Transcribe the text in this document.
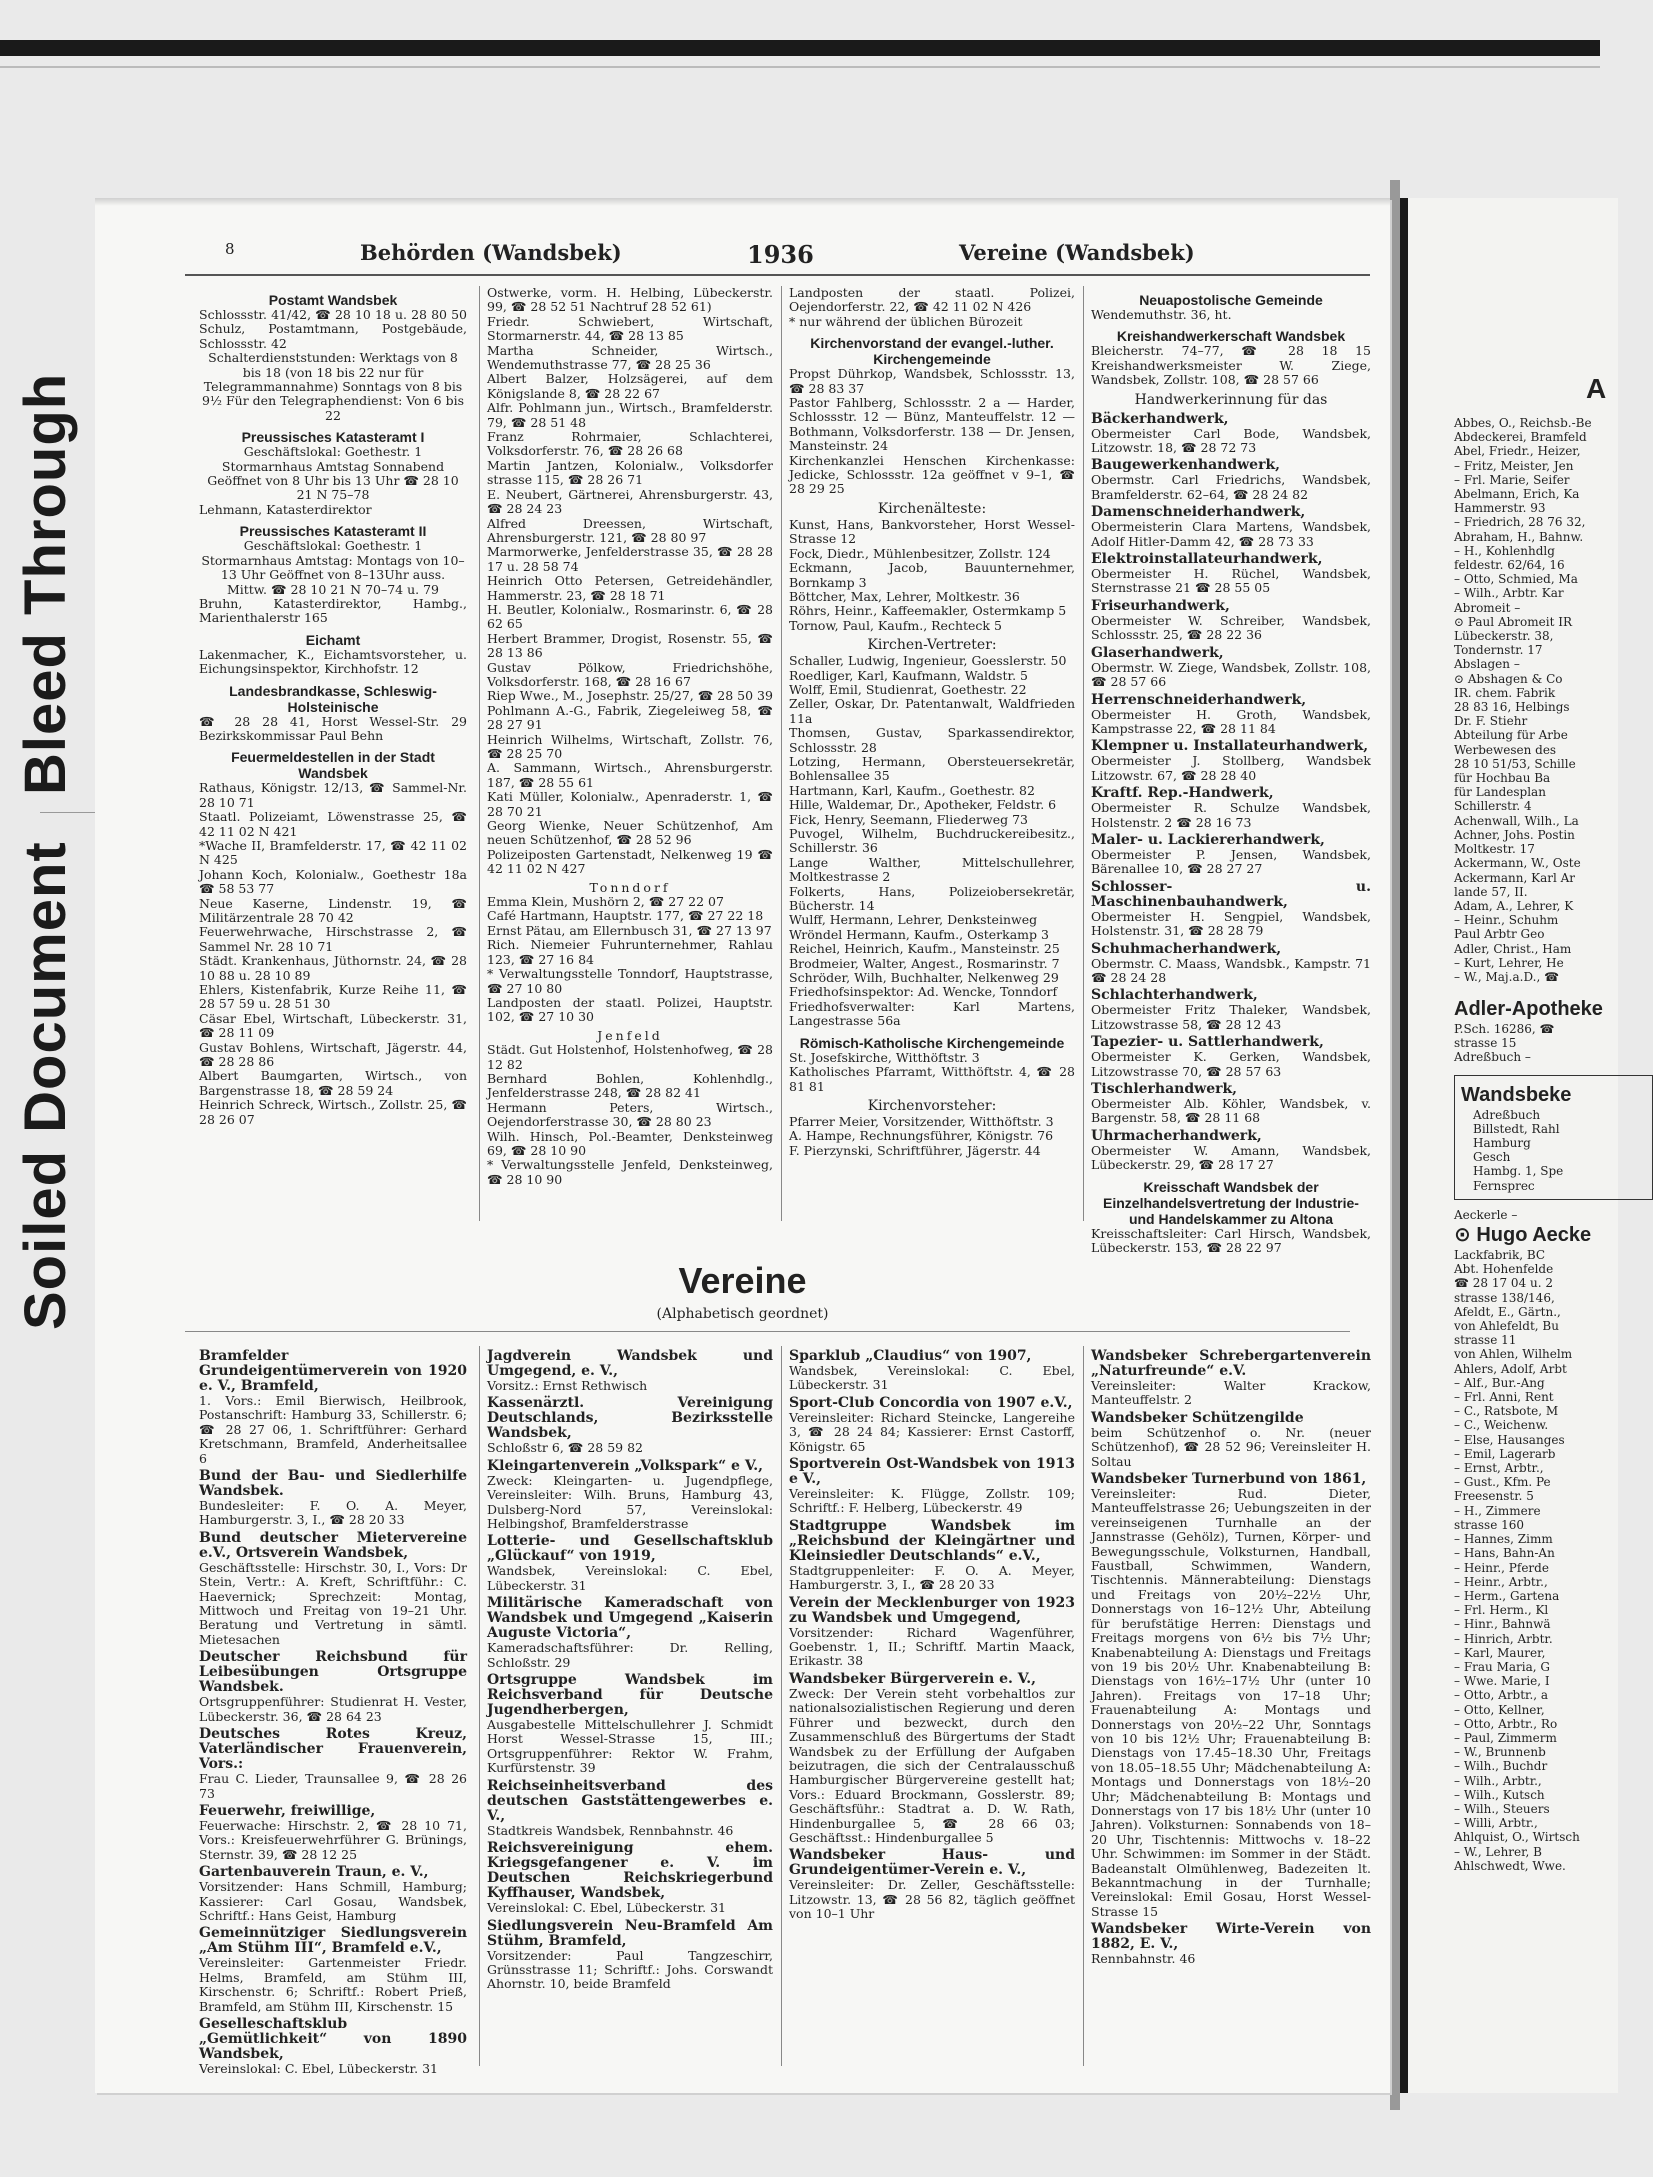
Bleed Through
Soiled Document
8	Behörden (Wandsbek)	1936	Vereine (Wandsbek)

Postamt Wandsbek

Schlossstr. 41/42, ☎ 28 10 18 u. 28 80 50 Schulz, Postamtmann, Postgebäude, Schlossstr. 42

Schalterdienststunden: Werktags von 8 bis 18 (von 18 bis 22 nur für Telegrammannahme) Sonntags von 8 bis 9½ Für den Telegraphendienst: Von 6 bis 22

Preussisches Katasteramt I

Geschäftslokal: Goethestr. 1 Stormarnhaus Amtstag Sonnabend Geöffnet von 8 Uhr bis 13 Uhr ☎ 28 10 21 N 75–78

Lehmann, Katasterdirektor

Preussisches Katasteramt II

Geschäftslokal: Goethestr. 1 Stormarnhaus Amtstag: Montags von 10–13 Uhr Geöffnet von 8–13Uhr auss. Mittw. ☎ 28 10 21 N 70–74 u. 79

Bruhn, Katasterdirektor, Hambg., Marienthalerstr 165

Eichamt

Lakenmacher, K., Eichamtsvorsteher, u. Eichungsinspektor, Kirchhofstr. 12

Landesbrandkasse, Schleswig-Holsteinische

☎ 28 28 41, Horst Wessel-Str. 29 Bezirkskommissar Paul Behn

Feuermeldestellen in der Stadt Wandsbek

Rathaus, Königstr. 12/13, ☎ Sammel-Nr. 28 10 71

Staatl. Polizeiamt, Löwenstrasse 25, ☎ 42 11 02 N 421

*Wache II, Bramfelderstr. 17, ☎ 42 11 02 N 425

Johann Koch, Kolonialw., Goethestr 18a ☎ 58 53 77

Neue Kaserne, Lindenstr. 19, ☎ Militärzentrale 28 70 42

Feuerwehrwache, Hirschstrasse 2, ☎ Sammel Nr. 28 10 71

Städt. Krankenhaus, Jüthornstr. 24, ☎ 28 10 88 u. 28 10 89

Ehlers, Kistenfabrik, Kurze Reihe 11, ☎ 28 57 59 u. 28 51 30

Cäsar Ebel, Wirtschaft, Lübeckerstr. 31, ☎ 28 11 09

Gustav Bohlens, Wirtschaft, Jägerstr. 44, ☎ 28 28 86

Albert Baumgarten, Wirtsch., von Bargenstrasse 18, ☎ 28 59 24

Heinrich Schreck, Wirtsch., Zollstr. 25, ☎ 28 26 07

Ostwerke, vorm. H. Helbing, Lübeckerstr. 99, ☎ 28 52 51 Nachtruf 28 52 61)

Friedr. Schwiebert, Wirtschaft, Stormarnerstr. 44, ☎ 28 13 85

Martha Schneider, Wirtsch., Wendemuthstrasse 77, ☎ 28 25 36

Albert Balzer, Holzsägerei, auf dem Königslande 8, ☎ 28 22 67

Alfr. Pohlmann jun., Wirtsch., Bramfelderstr. 79, ☎ 28 51 48

Franz Rohrmaier, Schlachterei, Volksdorferstr. 76, ☎ 28 26 68

Martin Jantzen, Kolonialw., Volksdorfer strasse 115, ☎ 28 26 71

E. Neubert, Gärtnerei, Ahrensburgerstr. 43, ☎ 28 24 23

Alfred Dreessen, Wirtschaft, Ahrensburgerstr. 121, ☎ 28 80 97

Marmorwerke, Jenfelderstrasse 35, ☎ 28 28 17 u. 28 58 74

Heinrich Otto Petersen, Getreidehändler, Hammerstr. 23, ☎ 28 18 71

H. Beutler, Kolonialw., Rosmarinstr. 6, ☎ 28 62 65

Herbert Brammer, Drogist, Rosenstr. 55, ☎ 28 13 86

Gustav Pölkow, Friedrichshöhe, Volksdorferstr. 168, ☎ 28 16 67

Riep Wwe., M., Josephstr. 25/27, ☎ 28 50 39

Pohlmann A.-G., Fabrik, Ziegeleiweg 58, ☎ 28 27 91

Heinrich Wilhelms, Wirtschaft, Zollstr. 76, ☎ 28 25 70

A. Sammann, Wirtsch., Ahrensburgerstr. 187, ☎ 28 55 61

Kati Müller, Kolonialw., Apenraderstr. 1, ☎ 28 70 21

Georg Wienke, Neuer Schützenhof, Am neuen Schützenhof, ☎ 28 52 96

Polizeiposten Gartenstadt, Nelkenweg 19 ☎ 42 11 02 N 427

Tonndorf

Emma Klein, Mushörn 2, ☎ 27 22 07

Café Hartmann, Hauptstr. 177, ☎ 27 22 18

Ernst Pätau, am Ellernbusch 31, ☎ 27 13 97

Rich. Niemeier Fuhrunternehmer, Rahlau 123, ☎ 27 16 84

* Verwaltungsstelle Tonndorf, Hauptstrasse, ☎ 27 10 80

Landposten der staatl. Polizei, Hauptstr. 102, ☎ 27 10 30

Jenfeld

Städt. Gut Holstenhof, Holstenhofweg, ☎ 28 12 82

Bernhard Bohlen, Kohlenhdlg., Jenfelderstrasse 248, ☎ 28 82 41

Hermann Peters, Wirtsch., Oejendorferstrasse 30, ☎ 28 80 23

Wilh. Hinsch, Pol.-Beamter, Denksteinweg 69, ☎ 28 10 90

* Verwaltungsstelle Jenfeld, Denksteinweg, ☎ 28 10 90

Landposten der staatl. Polizei, Oejendorferstr. 22, ☎ 42 11 02 N 426

* nur während der üblichen Bürozeit

Kirchenvorstand der evangel.-luther. Kirchengemeinde

Propst Dührkop, Wandsbek, Schlossstr. 13, ☎ 28 83 37

Pastor Fahlberg, Schlossstr. 2 a — Harder, Schlossstr. 12 — Bünz, Manteuffelstr. 12 — Bothmann, Volksdorferstr. 138 — Dr. Jensen, Mansteinstr. 24

Kirchenkanzlei Henschen Kirchenkasse: Jedicke, Schlossstr. 12a geöffnet v 9–1, ☎ 28 29 25

Kirchenälteste:

Kunst, Hans, Bankvorsteher, Horst Wessel-Strasse 12

Fock, Diedr., Mühlenbesitzer, Zollstr. 124

Eckmann, Jacob, Bauunternehmer, Bornkamp 3

Böttcher, Max, Lehrer, Moltkestr. 36

Röhrs, Heinr., Kaffeemakler, Ostermkamp 5

Tornow, Paul, Kaufm., Rechteck 5

Kirchen-Vertreter:

Schaller, Ludwig, Ingenieur, Goesslerstr. 50

Roedliger, Karl, Kaufmann, Waldstr. 5

Wolff, Emil, Studienrat, Goethestr. 22

Zeller, Oskar, Dr. Patentanwalt, Waldfrieden 11a

Thomsen, Gustav, Sparkassendirektor, Schlossstr. 28

Lotzing, Hermann, Obersteuersekretär, Bohlensallee 35

Hartmann, Karl, Kaufm., Goethestr. 82

Hille, Waldemar, Dr., Apotheker, Feldstr. 6

Fick, Henry, Seemann, Fliederweg 73

Puvogel, Wilhelm, Buchdruckereibesitz., Schillerstr. 36

Lange Walther, Mittelschullehrer, Moltkestrasse 2

Folkerts, Hans, Polizeiobersekretär, Bücherstr. 14

Wulff, Hermann, Lehrer, Denksteinweg

Wröndel Hermann, Kaufm., Osterkamp 3

Reichel, Heinrich, Kaufm., Mansteinstr. 25

Brodmeier, Walter, Angest., Rosmarinstr. 7

Schröder, Wilh, Buchhalter, Nelkenweg 29

Friedhofsinspektor: Ad. Wencke, Tonndorf

Friedhofsverwalter: Karl Martens, Langestrasse 56a

Römisch-Katholische Kirchengemeinde

St. Josefskirche, Witthöftstr. 3

Katholisches Pfarramt, Witthöftstr. 4, ☎ 28 81 81

Kirchenvorsteher:

Pfarrer Meier, Vorsitzender, Witthöftstr. 3

A. Hampe, Rechnungsführer, Königstr. 76

F. Pierzynski, Schriftführer, Jägerstr. 44

Neuapostolische Gemeinde

Wendemuthstr. 36, ht.

Kreishandwerkerschaft Wandsbek

Bleicherstr. 74–77, ☎ 28 18 15 Kreishandwerksmeister W. Ziege, Wandsbek, Zollstr. 108, ☎ 28 57 66

Handwerkerinnung für das

Bäckerhandwerk,

Obermeister Carl Bode, Wandsbek, Litzowstr. 18, ☎ 28 72 73

Baugewerkenhandwerk,

Obermstr. Carl Friedrichs, Wandsbek, Bramfelderstr. 62–64, ☎ 28 24 82

Damenschneiderhandwerk,

Obermeisterin Clara Martens, Wandsbek, Adolf Hitler-Damm 42, ☎ 28 73 33

Elektroinstallateurhandwerk,

Obermeister H. Rüchel, Wandsbek, Sternstrasse 21 ☎ 28 55 05

Friseurhandwerk,

Obermeister W. Schreiber, Wandsbek, Schlossstr. 25, ☎ 28 22 36

Glaserhandwerk,

Obermstr. W. Ziege, Wandsbek, Zollstr. 108, ☎ 28 57 66

Herrenschneiderhandwerk,

Obermeister H. Groth, Wandsbek, Kampstrasse 22, ☎ 28 11 84

Klempner u. Installateurhandwerk,

Obermeister J. Stollberg, Wandsbek Litzowstr. 67, ☎ 28 28 40

Kraftf. Rep.-Handwerk,

Obermeister R. Schulze Wandsbek, Holstenstr. 2 ☎ 28 16 73

Maler- u. Lackiererhandwerk,

Obermeister P. Jensen, Wandsbek, Bärenallee 10, ☎ 28 27 27

Schlosser- u. Maschinenbauhandwerk,

Obermeister H. Sengpiel, Wandsbek, Holstenstr. 31, ☎ 28 28 79

Schuhmacherhandwerk,

Obermstr. C. Maass, Wandsbk., Kampstr. 71 ☎ 28 24 28

Schlachterhandwerk,

Obermeister Fritz Thaleker, Wandsbek, Litzowstrasse 58, ☎ 28 12 43

Tapezier- u. Sattlerhandwerk,

Obermeister K. Gerken, Wandsbek, Litzowstrasse 70, ☎ 28 57 63

Tischlerhandwerk,

Obermeister Alb. Köhler, Wandsbek, v. Bargenstr. 58, ☎ 28 11 68

Uhrmacherhandwerk,

Obermeister W. Amann, Wandsbek, Lübeckerstr. 29, ☎ 28 17 27

Kreisschaft Wandsbek der Einzelhandelsvertretung der Industrie- und Handelskammer zu Altona

Kreisschaftsleiter: Carl Hirsch, Wandsbek, Lübeckerstr. 153, ☎ 28 22 97

Vereine
(Alphabetisch geordnet)

Bramfelder Grundeigentümerverein von 1920 e. V., Bramfeld,

1. Vors.: Emil Bierwisch, Heilbrook, Postanschrift: Hamburg 33, Schillerstr. 6; ☎ 28 27 06, 1. Schriftführer: Gerhard Kretschmann, Bramfeld, Anderheitsallee 6

Bund der Bau- und Siedlerhilfe Wandsbek.

Bundesleiter: F. O. A. Meyer, Hamburgerstr. 3, I., ☎ 28 20 33

Bund deutscher Mietervereine e.V., Ortsverein Wandsbek,

Geschäftsstelle: Hirschstr. 30, I., Vors: Dr Stein, Vertr.: A. Kreft, Schriftführ.: C. Haevernick; Sprechzeit: Montag, Mittwoch und Freitag von 19–21 Uhr. Beratung und Vertretung in sämtl. Mietesachen

Deutscher Reichsbund für Leibesübungen Ortsgruppe Wandsbek.

Ortsgruppenführer: Studienrat H. Vester, Lübeckerstr. 36, ☎ 28 64 23

Deutsches Rotes Kreuz, Vaterländischer Frauenverein, Vors.:

Frau C. Lieder, Traunsallee 9, ☎ 28 26 73

Feuerwehr, freiwillige,

Feuerwache: Hirschstr. 2, ☎ 28 10 71, Vors.: Kreisfeuerwehrführer G. Brünings, Sternstr. 39, ☎ 28 12 25

Gartenbauverein Traun, e. V.,

Vorsitzender: Hans Schmill, Hamburg; Kassierer: Carl Gosau, Wandsbek, Schriftf.: Hans Geist, Hamburg

Gemeinnütziger Siedlungsverein „Am Stühm III“, Bramfeld e.V.,

Vereinsleiter: Gartenmeister Friedr. Helms, Bramfeld, am Stühm III, Kirschenstr. 6; Schriftf.: Robert Prieß, Bramfeld, am Stühm III, Kirschenstr. 15

Geselleschaftsklub „Gemütlichkeit“ von 1890 Wandsbek,

Vereinslokal: C. Ebel, Lübeckerstr. 31

Jagdverein Wandsbek und Umgegend, e. V.,

Vorsitz.: Ernst Rethwisch

Kassenärztl. Vereinigung Deutschlands, Bezirksstelle Wandsbek,

Schloßstr 6, ☎ 28 59 82

Kleingartenverein „Volkspark“ e V.,

Zweck: Kleingarten- u. Jugendpflege, Vereinsleiter: Wilh. Bruns, Hamburg 43, Dulsberg-Nord 57, Vereinslokal: Helbingshof, Bramfelderstrasse

Lotterie- und Gesellschaftsklub „Glückauf“ von 1919,

Wandsbek, Vereinslokal: C. Ebel, Lübeckerstr. 31

Militärische Kameradschaft von Wandsbek und Umgegend „Kaiserin Auguste Victoria“,

Kameradschaftsführer: Dr. Relling, Schloßstr. 29

Ortsgruppe Wandsbek im Reichsverband für Deutsche Jugendherbergen,

Ausgabestelle Mittelschullehrer J. Schmidt Horst Wessel-Strasse 15, III.; Ortsgruppenführer: Rektor W. Frahm, Kurfürstenstr. 39

Reichseinheitsverband des deutschen Gaststättengewerbes e. V.,

Stadtkreis Wandsbek, Rennbahnstr. 46

Reichsvereinigung ehem. Kriegsgefangener e. V. im Deutschen Reichskriegerbund Kyffhauser, Wandsbek,

Vereinslokal: C. Ebel, Lübeckerstr. 31

Siedlungsverein Neu-Bramfeld Am Stühm, Bramfeld,

Vorsitzender: Paul Tangzeschirr, Grünsstrasse 11; Schriftf.: Johs. Corswandt Ahornstr. 10, beide Bramfeld

Sparklub „Claudius“ von 1907,

Wandsbek, Vereinslokal: C. Ebel, Lübeckerstr. 31

Sport-Club Concordia von 1907 e.V.,

Vereinsleiter: Richard Steincke, Langereihe 3, ☎ 28 24 84; Kassierer: Ernst Castorff, Königstr. 65

Sportverein Ost-Wandsbek von 1913 e V.,

Vereinsleiter: K. Flügge, Zollstr. 109; Schriftf.: F. Helberg, Lübeckerstr. 49

Stadtgruppe Wandsbek im „Reichsbund der Kleingärtner und Kleinsiedler Deutschlands“ e.V.,

Stadtgruppenleiter: F. O. A. Meyer, Hamburgerstr. 3, I., ☎ 28 20 33

Verein der Mecklenburger von 1923 zu Wandsbek und Umgegend,

Vorsitzender: Richard Wagenführer, Goebenstr. 1, II.; Schriftf. Martin Maack, Erikastr. 38

Wandsbeker Bürgerverein e. V.,

Zweck: Der Verein steht vorbehaltlos zur nationalsozialistischen Regierung und deren Führer und bezweckt, durch den Zusammenschluß des Bürgertums der Stadt Wandsbek zu der Erfüllung der Aufgaben beizutragen, die sich der Centralausschuß Hamburgischer Bürgervereine gestellt hat; Vors.: Eduard Brockmann, Gosslerstr. 89; Geschäftsführ.: Stadtrat a. D. W. Rath, Hindenburgallee 5, ☎ 28 66 03; Geschäftsst.: Hindenburgallee 5

Wandsbeker Haus- und Grundeigentümer-Verein e. V.,

Vereinsleiter: Dr. Zeller, Geschäftsstelle: Litzowstr. 13, ☎ 28 56 82, täglich geöffnet von 10–1 Uhr

Wandsbeker Schrebergartenverein „Naturfreunde“ e.V.

Vereinsleiter: Walter Krackow, Manteuffelstr. 2

Wandsbeker Schützengilde

beim Schützenhof o. Nr. (neuer Schützenhof), ☎ 28 52 96; Vereinsleiter H. Soltau

Wandsbeker Turnerbund von 1861,

Vereinsleiter: Rud. Dieter, Manteuffelstrasse 26; Uebungszeiten in der vereinseigenen Turnhalle an der Jannstrasse (Gehölz), Turnen, Körper- und Bewegungsschule, Volksturnen, Handball, Faustball, Schwimmen, Wandern, Tischtennis. Männerabteilung: Dienstags und Freitags von 20½–22½ Uhr, Donnerstags von 16–12½ Uhr, Abteilung für berufstätige Herren: Dienstags und Freitags morgens von 6½ bis 7½ Uhr; Knabenabteilung A: Dienstags und Freitags von 19 bis 20½ Uhr. Knabenabteilung B: Dienstags von 16½–17½ Uhr (unter 10 Jahren). Freitags von 17–18 Uhr; Frauenabteilung A: Montags und Donnerstags von 20½–22 Uhr, Sonntags von 10 bis 12½ Uhr; Frauenabteilung B: Dienstags von 17.45–18.30 Uhr, Freitags von 18.05–18.55 Uhr; Mädchenabteilung A: Montags und Donnerstags von 18½–20 Uhr; Mädchenabteilung B: Montags und Donnerstags von 17 bis 18½ Uhr (unter 10 Jahren). Volksturnen: Sonnabends von 18–20 Uhr, Tischtennis: Mittwochs v. 18–22 Uhr. Schwimmen: im Sommer in der Städt. Badeanstalt Olmühlenweg, Badezeiten lt. Bekanntmachung in der Turnhalle; Vereinslokal: Emil Gosau, Horst Wessel-Strasse 15

Wandsbeker Wirte-Verein von 1882, E. V.,

Rennbahnstr. 46

A

Abbes, O., Reichsb.-Be

Abdeckerei, Bramfeld

Abel, Friedr., Heizer,

– Fritz, Meister, Jen

– Frl. Marie, Seifer

Abelmann, Erich, Ka

Hammerstr. 93

– Friedrich, 28 76 32,

Abraham, H., Bahnw.

– H., Kohlenhdlg

feldestr. 62/64, 16

– Otto, Schmied, Ma

– Wilh., Arbtr. Kar

Abromeit –

⊙ Paul Abromeit IR

Lübeckerstr. 38,

Tondernstr. 17

Abslagen –

⊙ Abshagen & Co

IR. chem. Fabrik

28 83 16, Helbings

Dr. F. Stiehr

Abteilung für Arbe

Werbewesen des

28 10 51/53, Schille

für Hochbau Ba

für Landesplan

Schillerstr. 4

Achenwall, Wilh., La

Achner, Johs. Postin

Moltkestr. 17

Ackermann, W., Oste

Ackermann, Karl Ar

lande 57, II.

Adam, A., Lehrer, K

– Heinr., Schuhm

Paul Arbtr Geo

Adler, Christ., Ham

– Kurt, Lehrer, He

– W., Maj.a.D., ☎

Adler-Apotheke

P.Sch. 16286, ☎

strasse 15

Adreßbuch –

Wandsbeke

Adreßbuch

Billstedt, Rahl

Hamburg

Gesch

Hambg. 1, Spe

Fernsprec

Aeckerle –

⊙ Hugo Aecke

Lackfabrik, BC

Abt. Hohenfelde

☎ 28 17 04 u. 2

strasse 138/146,

Afeldt, E., Gärtn.,

von Ahlefeldt, Bu

strasse 11

von Ahlen, Wilhelm

Ahlers, Adolf, Arbt

– Alf., Bur.-Ang

– Frl. Anni, Rent

– C., Ratsbote, M

– C., Weichenw.

– Else, Hausanges

– Emil, Lagerarb

– Ernst, Arbtr.,

– Gust., Kfm. Pe

Freesenstr. 5

– H., Zimmere

strasse 160

– Hannes, Zimm

– Hans, Bahn-An

– Heinr., Pferde

– Heinr., Arbtr.,

– Herm., Gartena

– Frl. Herm., Kl

– Hinr., Bahnwä

– Hinrich, Arbtr.

– Karl, Maurer,

– Frau Maria, G

– Wwe. Marie, I

– Otto, Arbtr., a

– Otto, Kellner,

– Otto, Arbtr., Ro

– Paul, Zimmerm

– W., Brunnenb

– Wilh., Buchdr

– Wilh., Arbtr.,

– Wilh., Kutsch

– Wilh., Steuers

– Willi, Arbtr.,

Ahlquist, O., Wirtsch

– W., Lehrer, B

Ahlschwedt, Wwe.
